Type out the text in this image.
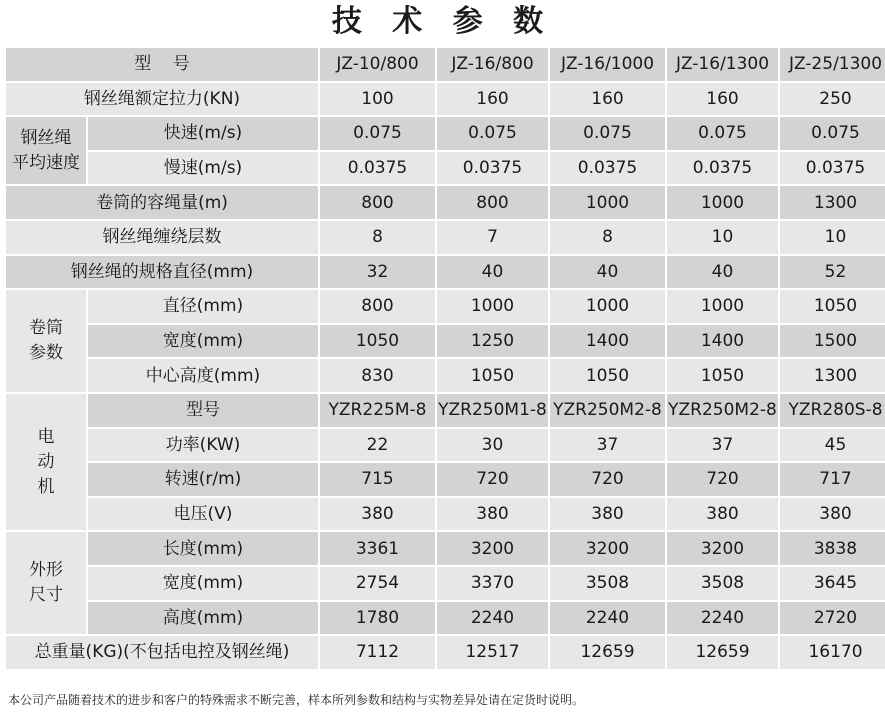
技 术 参 数
型    号		JZ-10/800	JZ-16/800	JZ-16/1000	JZ-16/1300	JZ-25/1300
钢丝绳额定拉力(KN)		100	160	160	160	250
钢丝绳
平均速度	快速(m/s)	0.075	0.075	0.075	0.075	0.075
	慢速(m/s)	0.0375	0.0375	0.0375	0.0375	0.0375
卷筒的容绳量(m)		800	800	1000	1000	1300
钢丝绳缠绕层数		8	7	8	10	10
钢丝绳的规格直径(mm)		32	40	40	40	52
卷筒
参数	直径(mm)	800	1000	1000	1000	1050
	宽度(mm)	1050	1250	1400	1400	1500
	中心高度(mm)	830	1050	1050	1050	1300
电
动
机	型号	YZR225M-8	YZR250M1-8	YZR250M2-8	YZR250M2-8	YZR280S-8
	功率(KW)	22	30	37	37	45
	转速(r/m)	715	720	720	720	717
	电压(V)	380	380	380	380	380
外形
尺寸	长度(mm)	3361	3200	3200	3200	3838
	宽度(mm)	2754	3370	3508	3508	3645
	高度(mm)	1780	2240	2240	2240	2720
总重量(KG)(不包括电控及钢丝绳)		7112	12517	12659	12659	16170
本公司产品随着技术的进步和客户的特殊需求不断完善，样本所列参数和结构与实物差异处请在定货时说明。
